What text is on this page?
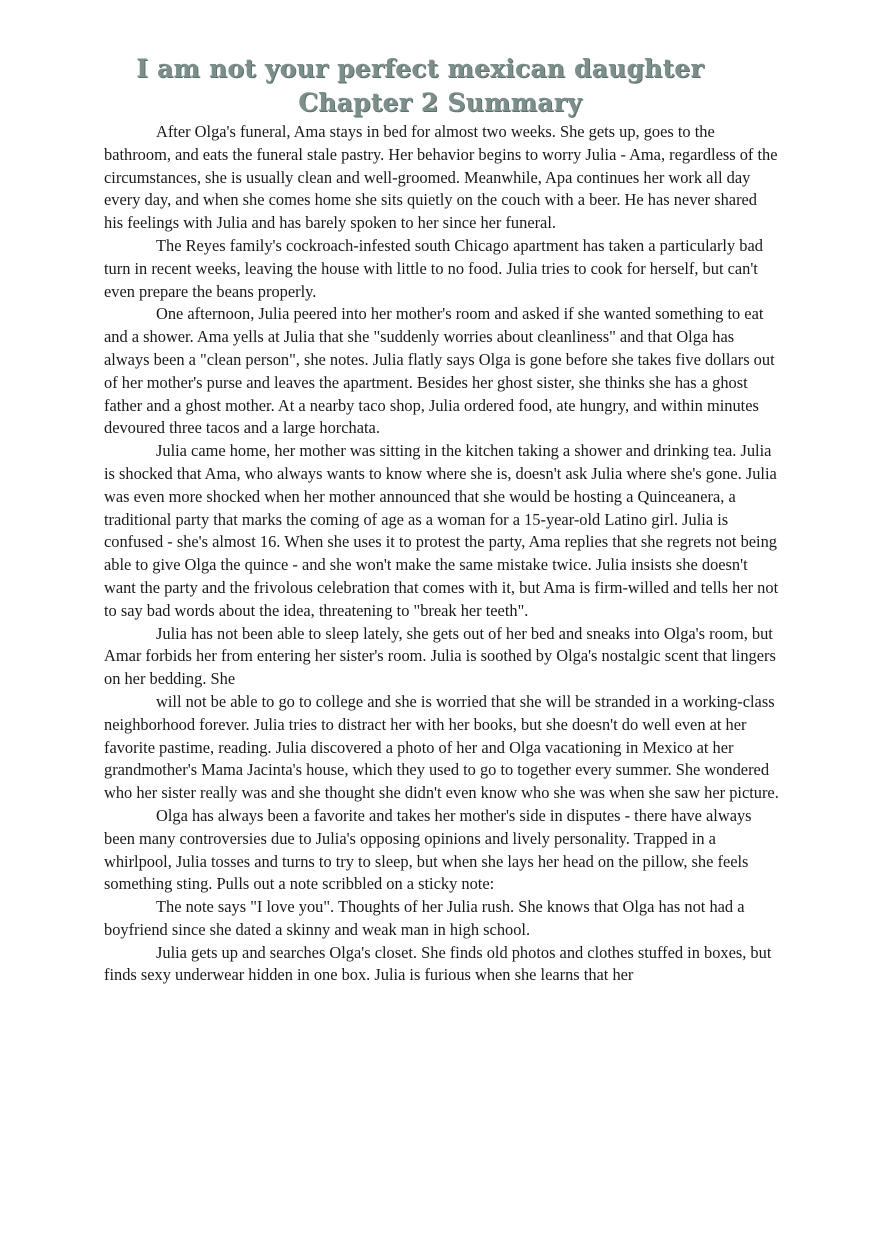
I am not your perfect mexican daughter
Chapter 2 Summary

After Olga's funeral, Ama stays in bed for almost two weeks. She gets up, goes to the bathroom, and eats the funeral stale pastry. Her behavior begins to worry Julia - Ama, regardless of the circumstances, she is usually clean and well-groomed. Meanwhile, Apa continues her work all day every day, and when she comes home she sits quietly on the couch with a beer. He has never shared his feelings with Julia and has barely spoken to her since her funeral.

The Reyes family's cockroach-infested south Chicago apartment has taken a particularly bad turn in recent weeks, leaving the house with little to no food. Julia tries to cook for herself, but can't even prepare the beans properly.

One afternoon, Julia peered into her mother's room and asked if she wanted something to eat and a shower. Ama yells at Julia that she "suddenly worries about cleanliness" and that Olga has always been a "clean person", she notes. Julia flatly says Olga is gone before she takes five dollars out of her mother's purse and leaves the apartment. Besides her ghost sister, she thinks she has a ghost father and a ghost mother. At a nearby taco shop, Julia ordered food, ate hungry, and within minutes devoured three tacos and a large horchata.

Julia came home, her mother was sitting in the kitchen taking a shower and drinking tea. Julia is shocked that Ama, who always wants to know where she is, doesn't ask Julia where she's gone. Julia was even more shocked when her mother announced that she would be hosting a Quinceanera, a traditional party that marks the coming of age as a woman for a 15-year-old Latino girl. Julia is confused - she's almost 16. When she uses it to protest the party, Ama replies that she regrets not being able to give Olga the quince - and she won't make the same mistake twice. Julia insists she doesn't want the party and the frivolous celebration that comes with it, but Ama is firm-willed and tells her not to say bad words about the idea, threatening to "break her teeth".

Julia has not been able to sleep lately, she gets out of her bed and sneaks into Olga's room, but Amar forbids her from entering her sister's room. Julia is soothed by Olga's nostalgic scent that lingers on her bedding. She

will not be able to go to college and she is worried that she will be stranded in a working-class neighborhood forever. Julia tries to distract her with her books, but she doesn't do well even at her favorite pastime, reading. Julia discovered a photo of her and Olga vacationing in Mexico at her grandmother's Mama Jacinta's house, which they used to go to together every summer. She wondered who her sister really was and she thought she didn't even know who she was when she saw her picture.

Olga has always been a favorite and takes her mother's side in disputes - there have always been many controversies due to Julia's opposing opinions and lively personality. Trapped in a whirlpool, Julia tosses and turns to try to sleep, but when she lays her head on the pillow, she feels something sting. Pulls out a note scribbled on a sticky note:

The note says "I love you". Thoughts of her Julia rush. She knows that Olga has not had a boyfriend since she dated a skinny and weak man in high school.

Julia gets up and searches Olga's closet. She finds old photos and clothes stuffed in boxes, but finds sexy underwear hidden in one box. Julia is furious when she learns that her
